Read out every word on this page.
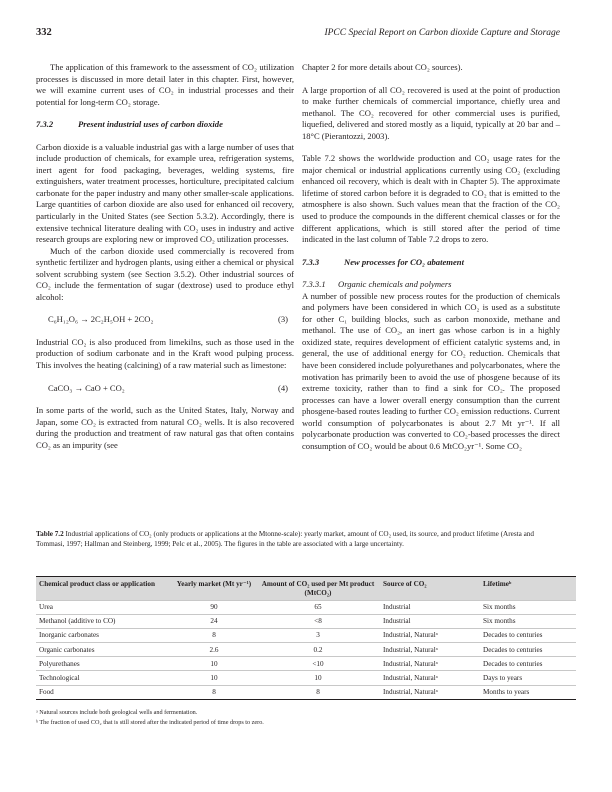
332	IPCC Special Report on Carbon dioxide Capture and Storage

The application of this framework to the assessment of CO₂ utilization processes is discussed in more detail later in this chapter. First, however, we will examine current uses of CO₂ in industrial processes and their potential for long-term CO₂ storage.

7.3.2	Present industrial uses of carbon dioxide

Carbon dioxide is a valuable industrial gas with a large number of uses that include production of chemicals, for example urea, refrigeration systems, inert agent for food packaging, beverages, welding systems, fire extinguishers, water treatment processes, horticulture, precipitated calcium carbonate for the paper industry and many other smaller-scale applications. Large quantities of carbon dioxide are also used for enhanced oil recovery, particularly in the United States (see Section 5.3.2). Accordingly, there is extensive technical literature dealing with CO₂ uses in industry and active research groups are exploring new or improved CO₂ utilization processes.

Much of the carbon dioxide used commercially is recovered from synthetic fertilizer and hydrogen plants, using either a chemical or physical solvent scrubbing system (see Section 3.5.2). Other industrial sources of CO₂ include the fermentation of sugar (dextrose) used to produce ethyl alcohol:

C₆H₁₂O₆ → 2C₂H₅OH + 2CO₂	(3)

Industrial CO₂ is also produced from limekilns, such as those used in the production of sodium carbonate and in the Kraft wood pulping process. This involves the heating (calcining) of a raw material such as limestone:

CaCO₃ → CaO + CO₂	(4)

In some parts of the world, such as the United States, Italy, Norway and Japan, some CO₂ is extracted from natural CO₂ wells. It is also recovered during the production and treatment of raw natural gas that often contains CO₂ as an impurity (see

Chapter 2 for more details about CO₂ sources).

A large proportion of all CO₂ recovered is used at the point of production to make further chemicals of commercial importance, chiefly urea and methanol. The CO₂ recovered for other commercial uses is purified, liquefied, delivered and stored mostly as a liquid, typically at 20 bar and –18°C (Pierantozzi, 2003).

Table 7.2 shows the worldwide production and CO₂ usage rates for the major chemical or industrial applications currently using CO₂ (excluding enhanced oil recovery, which is dealt with in Chapter 5). The approximate lifetime of stored carbon before it is degraded to CO₂ that is emitted to the atmosphere is also shown. Such values mean that the fraction of the CO₂ used to produce the compounds in the different chemical classes or for the different applications, which is still stored after the period of time indicated in the last column of Table 7.2 drops to zero.

7.3.3	New processes for CO₂ abatement

7.3.3.1 Organic chemicals and polymers

A number of possible new process routes for the production of chemicals and polymers have been considered in which CO₂ is used as a substitute for other C₁ building blocks, such as carbon monoxide, methane and methanol. The use of CO₂, an inert gas whose carbon is in a highly oxidized state, requires development of efficient catalytic systems and, in general, the use of additional energy for CO₂ reduction. Chemicals that have been considered include polyurethanes and polycarbonates, where the motivation has primarily been to avoid the use of phosgene because of its extreme toxicity, rather than to find a sink for CO₂. The proposed processes can have a lower overall energy consumption than the current phosgene-based routes leading to further CO₂ emission reductions. Current world consumption of polycarbonates is about 2.7 Mt yr⁻¹. If all polycarbonate production was converted to CO₂-based processes the direct consumption of CO₂ would be about 0.6 MtCO₂yr⁻¹. Some CO₂

Table 7.2 Industrial applications of CO₂ (only products or applications at the Mtonne-scale): yearly market, amount of CO₂ used, its source, and product lifetime (Aresta and Tommasi, 1997; Hallman and Steinberg, 1999; Pelc et al., 2005). The figures in the table are associated with a large uncertainty.
Chemical product class or application	Yearly market (Mt yr⁻¹)	Amount of CO₂ used per Mt product (MtCO₂)	Source of CO₂	Lifetimeᵇ
Urea	90	65	Industrial	Six months
Methanol (additive to CO)	24	<8	Industrial	Six months
Inorganic carbonates	8	3	Industrial, Naturalᵃ	Decades to centuries
Organic carbonates	2.6	0.2	Industrial, Naturalᵃ	Decades to centuries
Polyurethanes	10	<10	Industrial, Naturalᵃ	Decades to centuries
Technological	10	10	Industrial, Naturalᵃ	Days to years
Food	8	8	Industrial, Naturalᵃ	Months to years
ᵃ Natural sources include both geological wells and fermentation.
ᵇ The fraction of used CO₂ that is still stored after the indicated period of time drops to zero.
